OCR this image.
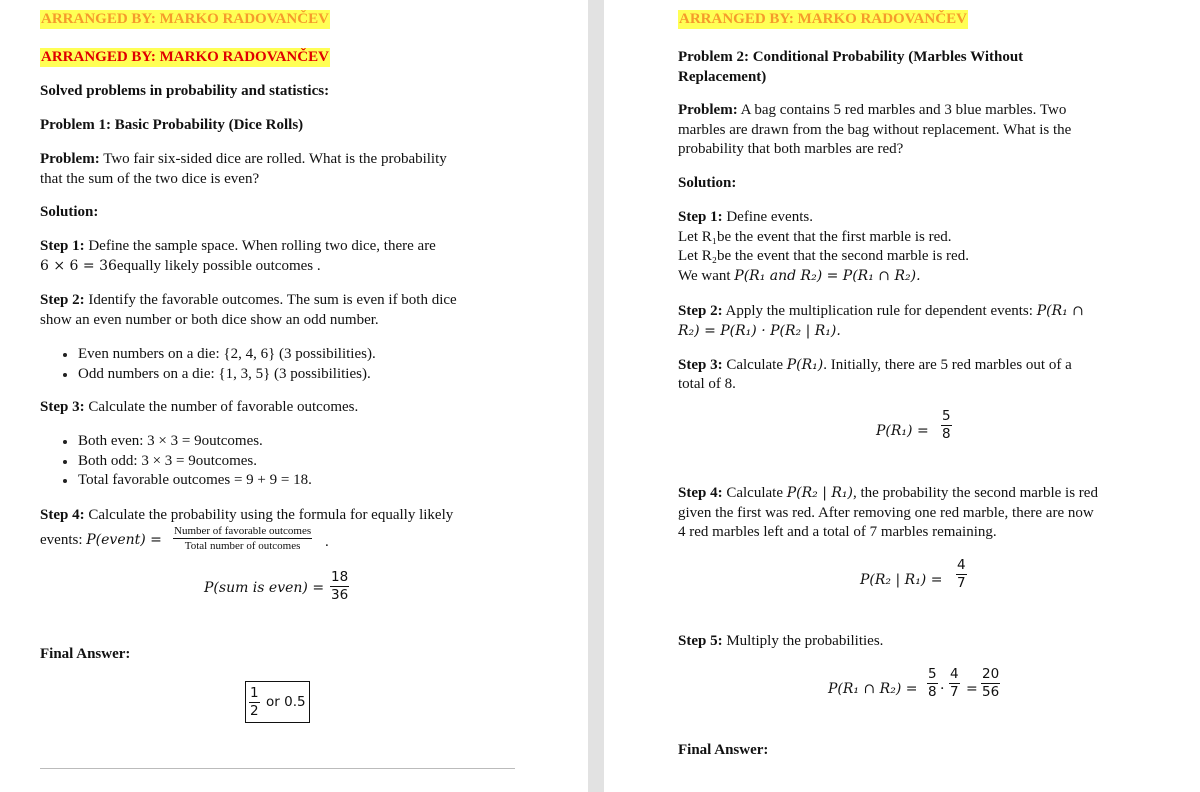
ARRANGED BY: MARKO RADOVANČEV
ARRANGED BY: MARKO RADOVANČEV
Solved problems in probability and statistics:
Problem 1: Basic Probability (Dice Rolls)
Problem: Two fair six-sided dice are rolled. What is the probability
that the sum of the two dice is even?
Solution:
Step 1: Define the sample space. When rolling two dice, there are
6 × 6 = 36equally likely possible outcomes .
Step 2: Identify the favorable outcomes. The sum is even if both dice
show an even number or both dice show an odd number.
Even numbers on a die: {2, 4, 6} (3 possibilities).
Odd numbers on a die: {1, 3, 5} (3 possibilities).
Step 3: Calculate the number of favorable outcomes.
Both even: 3 × 3 = 9outcomes.
Both odd: 3 × 3 = 9outcomes.
Total favorable outcomes = 9 + 9 = 18.
Step 4: Calculate the probability using the formula for equally likely
events: P(event) =
Number of favorable outcomes
Total number of outcomes	.
P(sum is even) = $\frac{18}{36}$
Final Answer:
$\frac{1}{2}$ or 0.5
ARRANGED BY: MARKO RADOVANČEV
Problem 2: Conditional Probability (Marbles Without
Replacement)
Problem: A bag contains 5 red marbles and 3 blue marbles. Two
marbles are drawn from the bag without replacement. What is the
probability that both marbles are red?
Solution:
Step 1: Define events.
Let R₁be the event that the first marble is red.
Let R₂be the event that the second marble is red.
We want P(R₁ and R₂) = P(R₁ ∩ R₂).
Step 2: Apply the multiplication rule for dependent events: P(R₁ ∩
R₂) = P(R₁) · P(R₂ | R₁).
Step 3: Calculate P(R₁). Initially, there are 5 red marbles out of a
total of 8.
$P(R_1) = \frac{5}{8}$
Step 4: Calculate P(R₂ | R₁), the probability the second marble is red
given the first was red. After removing one red marble, there are now
4 red marbles left and a total of 7 marbles remaining.
P(R₂ | $R_1) = \frac{4}{7}$
Step 5: Multiply the probabilities.
P(R₁ ∩ $R_2) = \frac{5}{8} \cdot \frac{4}{7} = \frac{20}{56}$
Final Answer:
